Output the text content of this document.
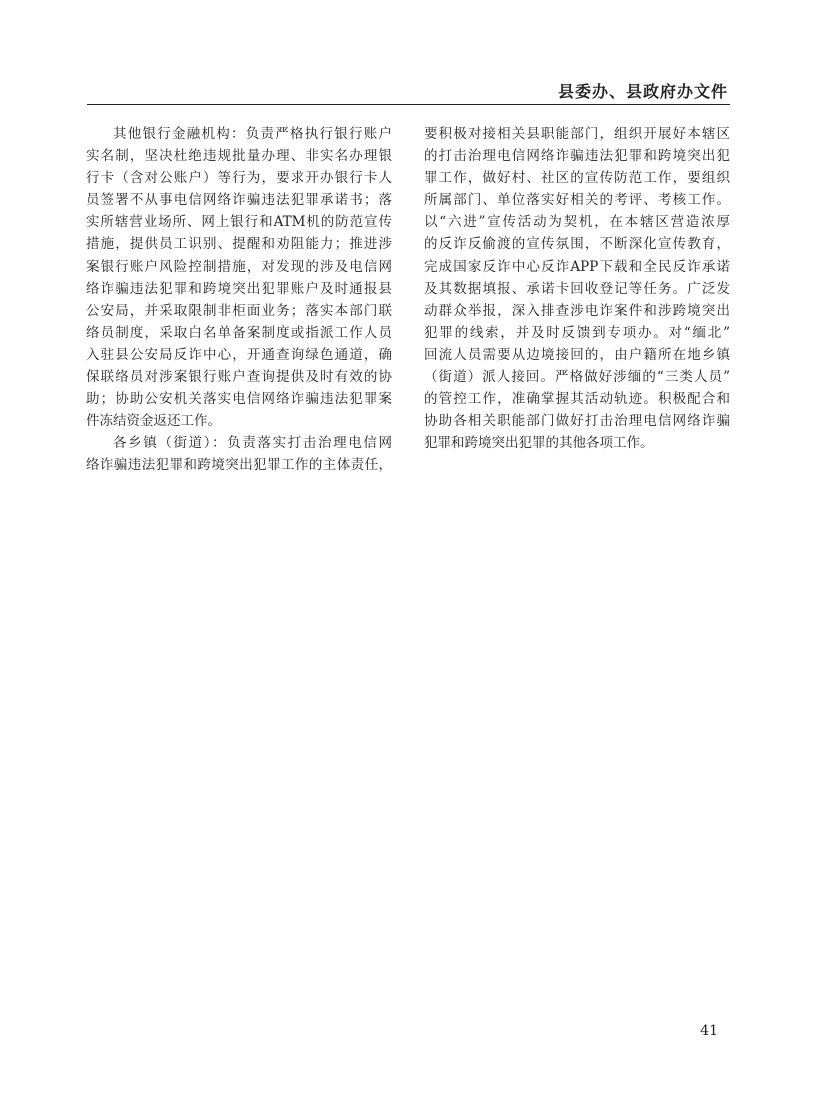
县委办、县政府办文件
其他银行金融机构：负责严格执行银行账户
实名制，坚决杜绝违规批量办理、非实名办理银
行卡（含对公账户）等行为，要求开办银行卡人
员签署不从事电信网络诈骗违法犯罪承诺书；落
实所辖营业场所、网上银行和ATM机的防范宣传
措施，提供员工识别、提醒和劝阻能力；推进涉
案银行账户风险控制措施，对发现的涉及电信网
络诈骗违法犯罪和跨境突出犯罪账户及时通报县
公安局，并采取限制非柜面业务；落实本部门联
络员制度，采取白名单备案制度或指派工作人员
入驻县公安局反诈中心，开通查询绿色通道，确
保联络员对涉案银行账户查询提供及时有效的协
助；协助公安机关落实电信网络诈骗违法犯罪案
件冻结资金返还工作。
各乡镇（街道）：负责落实打击治理电信网
络诈骗违法犯罪和跨境突出犯罪工作的主体责任，
要积极对接相关县职能部门，组织开展好本辖区
的打击治理电信网络诈骗违法犯罪和跨境突出犯
罪工作，做好村、社区的宣传防范工作，要组织
所属部门、单位落实好相关的考评、考核工作。
以“六进”宣传活动为契机，在本辖区营造浓厚
的反诈反偷渡的宣传氛围，不断深化宣传教育，
完成国家反诈中心反诈APP下载和全民反诈承诺
及其数据填报、承诺卡回收登记等任务。广泛发
动群众举报，深入排查涉电诈案件和涉跨境突出
犯罪的线索，并及时反馈到专项办。对“缅北”
回流人员需要从边境接回的，由户籍所在地乡镇
（街道）派人接回。严格做好涉缅的“三类人员”
的管控工作，准确掌握其活动轨迹。积极配合和
协助各相关职能部门做好打击治理电信网络诈骗
犯罪和跨境突出犯罪的其他各项工作。
41
